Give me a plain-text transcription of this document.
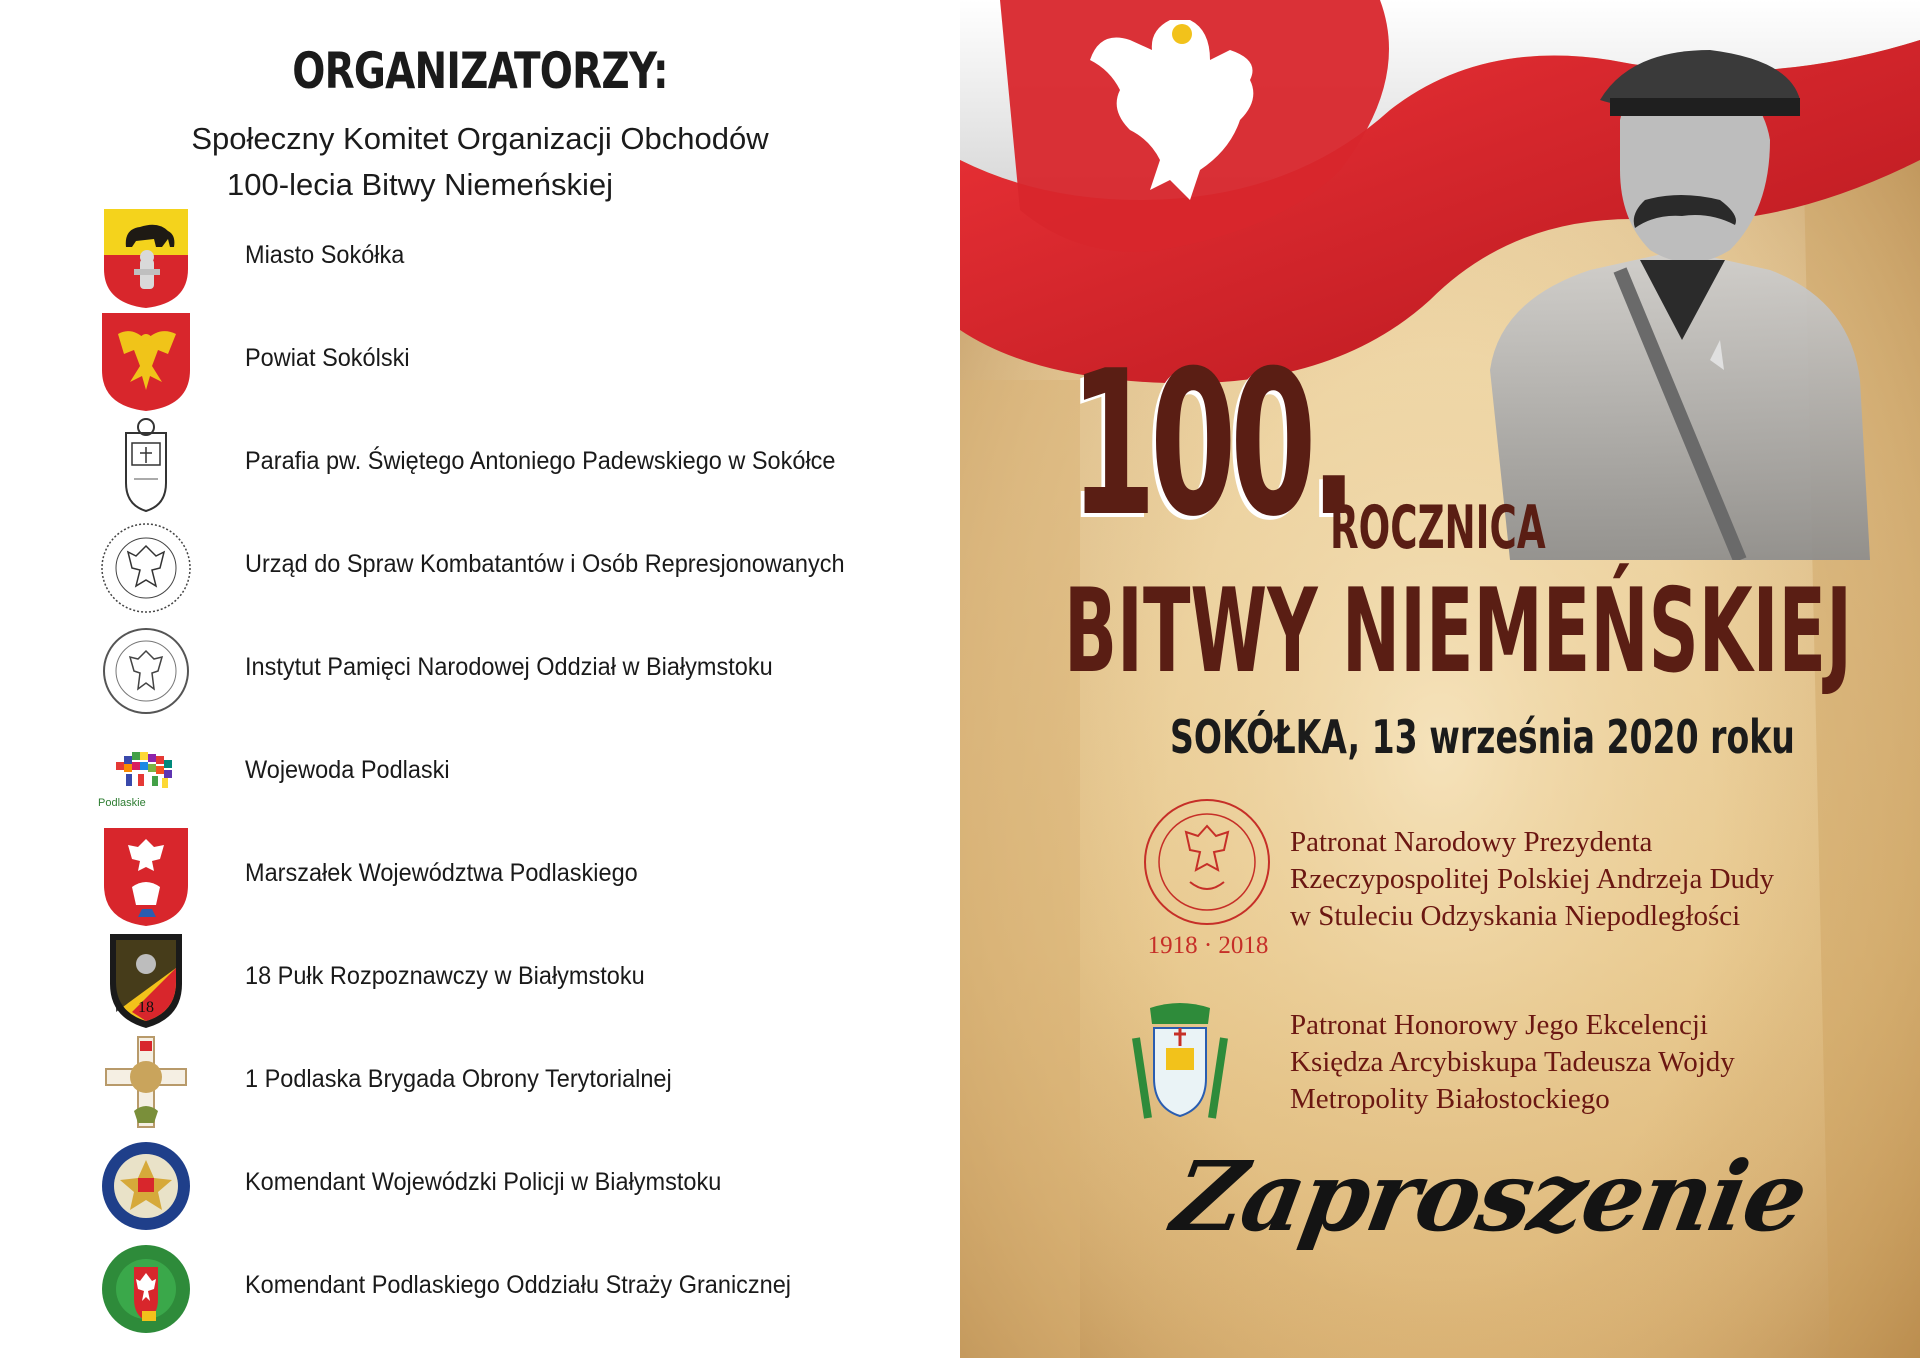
ORGANIZATORZY:
Społeczny Komitet Organizacji Obchodów
100-lecia Bitwy Niemeńskiej
Miasto Sokółka
Powiat Sokólski
Parafia pw. Świętego Antoniego Padewskiego w Sokółce
Urząd do Spraw Kombatantów i Osób Represjonowanych
Instytut Pamięci Narodowej Oddział w Białymstoku
Podlaskie
Wojewoda Podlaski
Marszałek Województwa Podlaskiego
18
18 Pułk Rozpoznawczy w Białymstoku
1 Podlaska Brygada Obrony Terytorialnej
Komendant Wojewódzki Policji w Białymstoku
Komendant Podlaskiego Oddziału Straży Granicznej
100.
ROCZNICA
BITWY NIEMEŃSKIEJ
SOKÓŁKA, 13 września 2020 roku
1918 · 2018
Patronat Narodowy Prezydenta
Rzeczypospolitej Polskiej Andrzeja Dudy
w Stuleciu Odzyskania Niepodległości
Patronat Honorowy Jego Ekcelencji
Księdza Arcybiskupa Tadeusza Wojdy
Metropolity Białostockiego
Zaproszenie
